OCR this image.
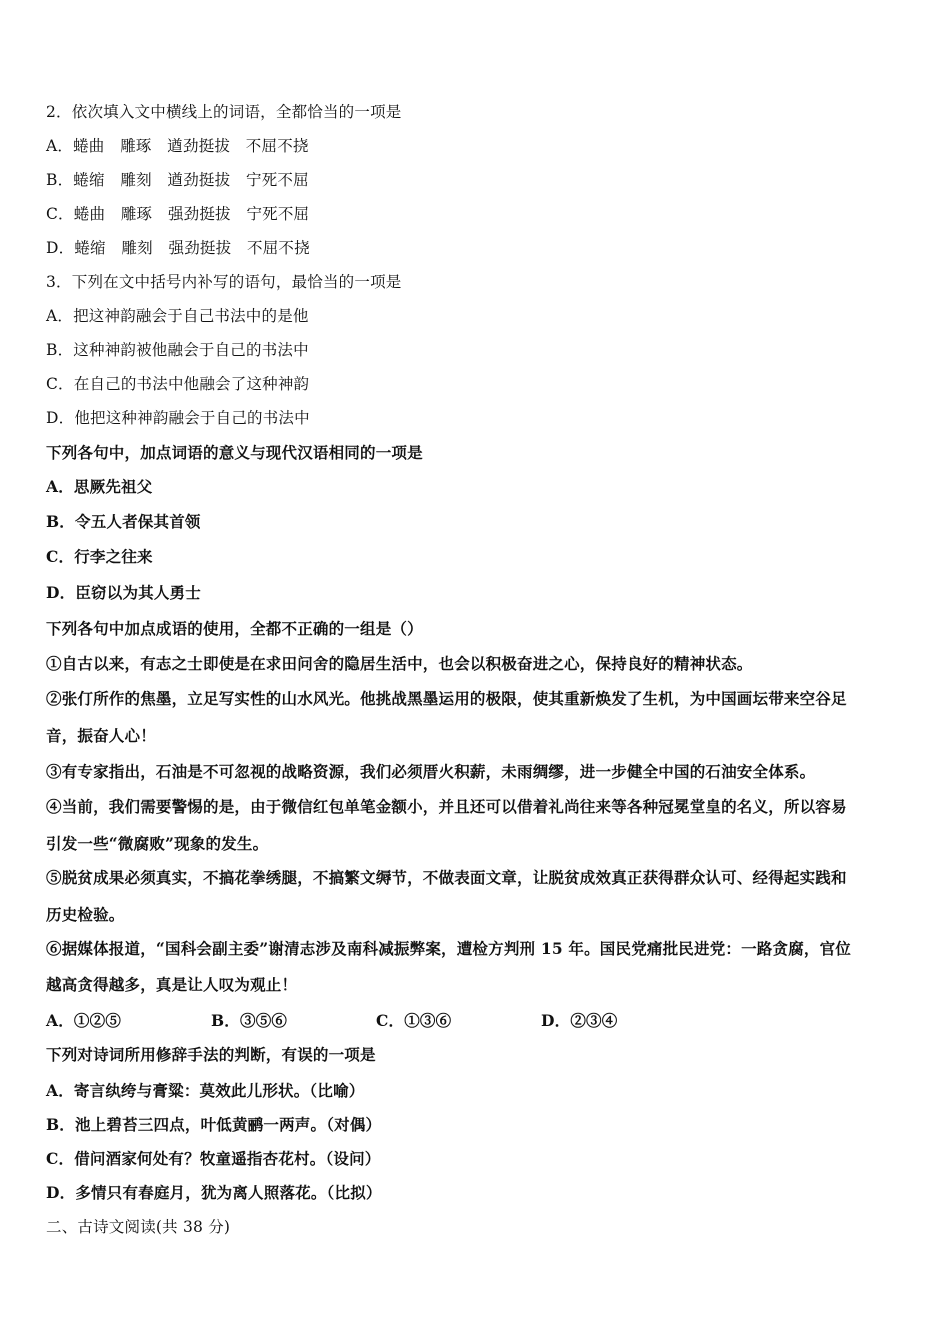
2．依次填入文中横线上的词语，全都恰当的一项是
A．蜷曲　雕琢　遒劲挺拔　不屈不挠
B．蜷缩　雕刻　遒劲挺拔　宁死不屈
C．蜷曲　雕琢　强劲挺拔　宁死不屈
D．蜷缩　雕刻　强劲挺拔　不屈不挠
3．下列在文中括号内补写的语句，最恰当的一项是
A．把这神韵融会于自己书法中的是他
B．这种神韵被他融会于自己的书法中
C．在自己的书法中他融会了这种神韵
D．他把这种神韵融会于自己的书法中
下列各句中，加点词语的意义与现代汉语相同的一项是
A．思厥先祖父
B．令五人者保其首领
C．行李之往来
D．臣窃以为其人勇士
下列各句中加点成语的使用，全都不正确的一组是（）
①自古以来，有志之士即使是在求田问舍的隐居生活中，也会以积极奋进之心，保持良好的精神状态。
②张仃所作的焦墨，立足写实性的山水风光。他挑战黑墨运用的极限，使其重新焕发了生机，为中国画坛带来空谷足
音，振奋人心！
③有专家指出，石油是不可忽视的战略资源，我们必须厝火积薪，未雨绸缪，进一步健全中国的石油安全体系。
④当前，我们需要警惕的是，由于微信红包单笔金额小，并且还可以借着礼尚往来等各种冠冕堂皇的名义，所以容易
引发一些“微腐败”现象的发生。
⑤脱贫成果必须真实，不搞花拳绣腿，不搞繁文缛节，不做表面文章，让脱贫成效真正获得群众认可、经得起实践和
历史检验。
⑥据媒体报道，“国科会副主委”谢清志涉及南科减振弊案，遭检方判刑 15 年。国民党痛批民进党：一路贪腐，官位
越高贪得越多，真是让人叹为观止！
A．①②⑤	B．③⑤⑥	C．①③⑥	D．②③④
下列对诗词所用修辞手法的判断，有误的一项是
A．寄言纨绔与膏粱：莫效此儿形状。（比喻）
B．池上碧苔三四点，叶低黄鹂一两声。（对偶）
C．借问酒家何处有？牧童遥指杏花村。（设问）
D．多情只有春庭月，犹为离人照落花。（比拟）
二、古诗文阅读(共 38 分)
